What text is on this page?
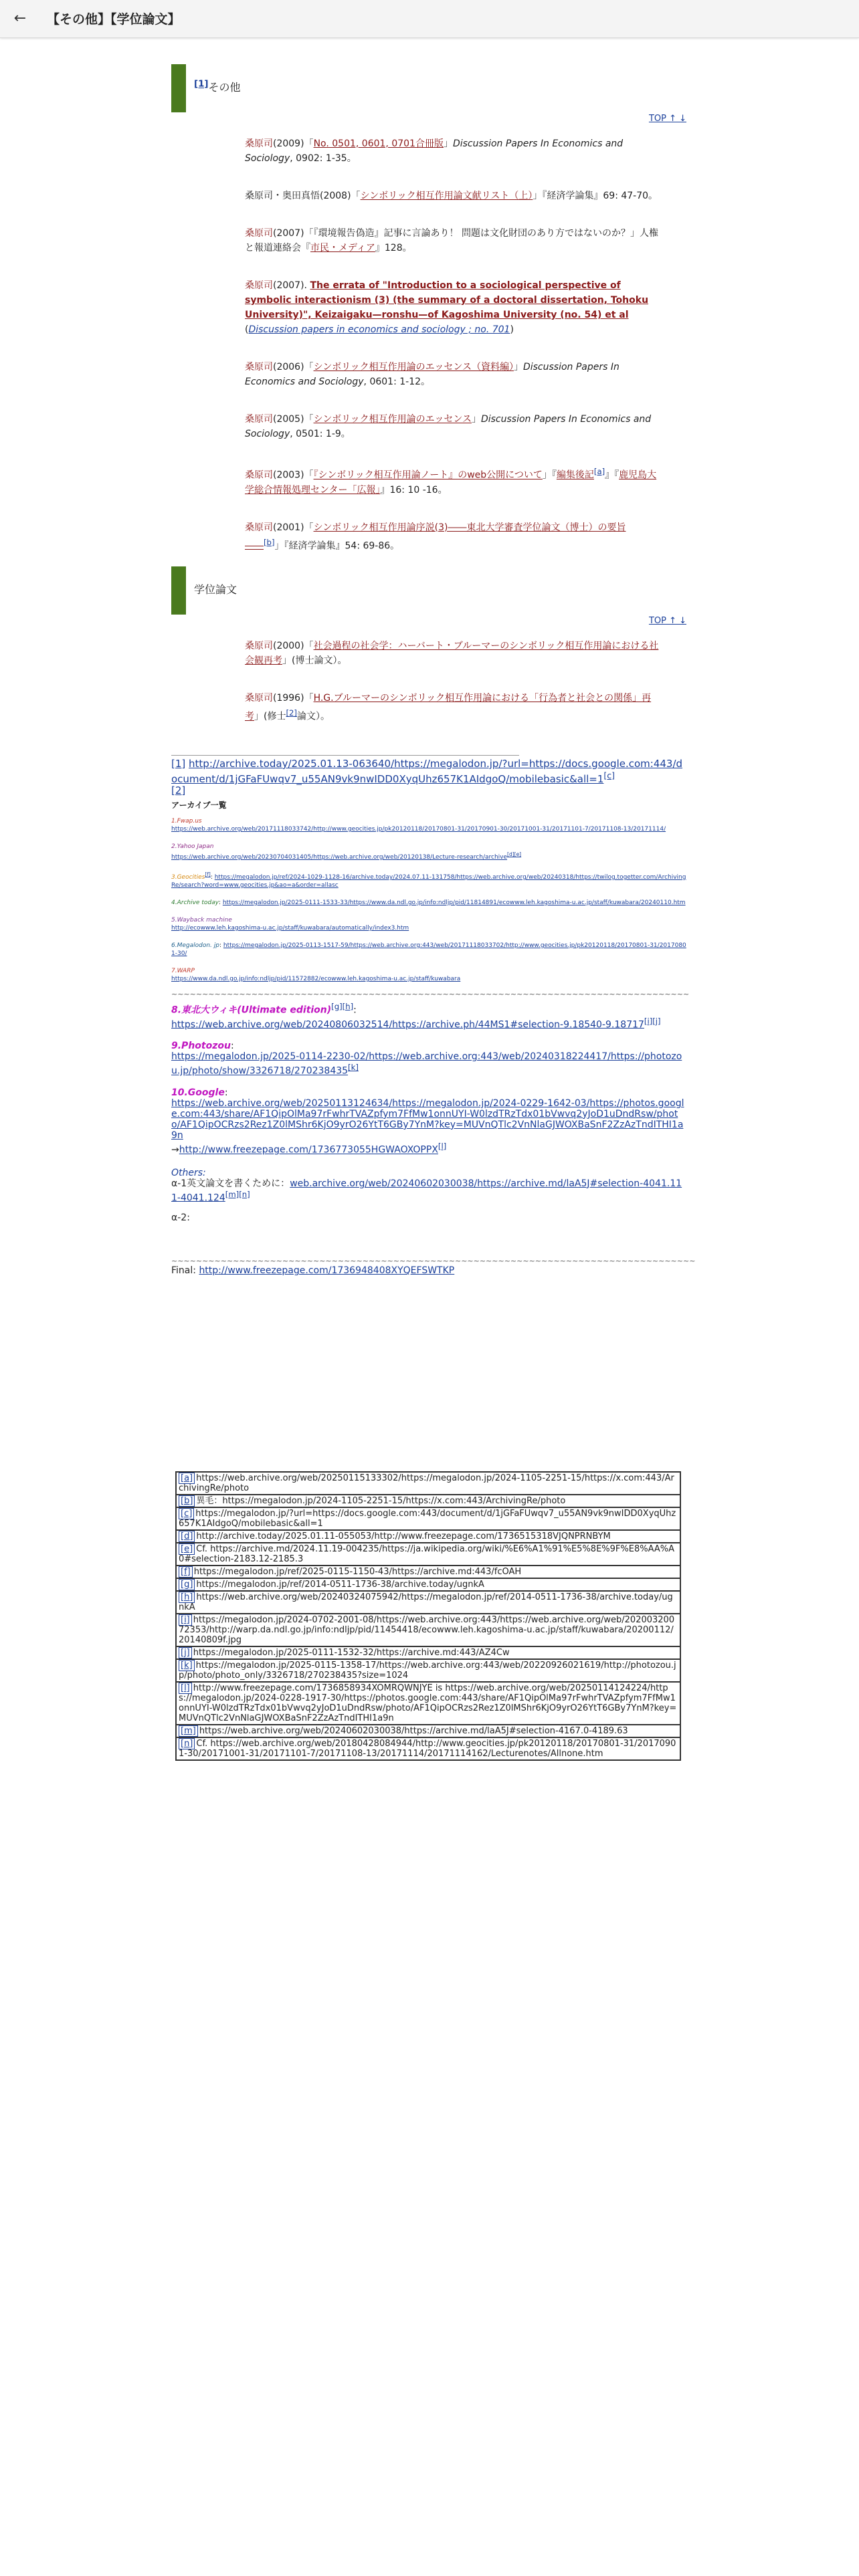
←	【その他】【学位論文】
[1]その他
TOP ↑ ↓
桑原司(2009)「No. 0501, 0601, 0701合冊版」Discussion Papers In Economics and Sociology, 0902: 1-35。
桑原司・奥田真悟(2008)「シンボリック相互作用論文献リスト（上）」『経済学論集』69: 47-70。
桑原司(2007)「『環境報告偽造』記事に言論あり！ 問題は文化財団のあり方ではないのか？」人権と報道連絡会『市民・メディア』128。
桑原司(2007). The errata of "Introduction to a sociological perspective of symbolic interactionism (3) (the summary of a doctoral dissertation, Tohoku University)", Keizaigaku—ronshu—of Kagoshima University (no. 54) et al (Discussion papers in economics and sociology ; no. 701)
桑原司(2006)「シンボリック相互作用論のエッセンス（資料編）」Discussion Papers In Economics and Sociology, 0601: 1-12。
桑原司(2005)「シンボリック相互作用論のエッセンス」Discussion Papers In Economics and Sociology, 0501: 1-9。
桑原司(2003)「『シンボリック相互作用論ノート』のweb公開について」『編集後記[a]』『鹿児島大学総合情報処理センター「広報」』16: 10 -16。
桑原司(2001)「シンボリック相互作用論序説(3)――東北大学審査学位論文（博士）の要旨――[b]」『経済学論集』54: 69-86。
学位論文
TOP ↑ ↓
桑原司(2000)「社会過程の社会学：ハーバート・ブルーマーのシンボリック相互作用論における社会観再考」(博士論文）。
桑原司(1996)「H.G.ブルーマーのシンボリック相互作用論における「行為者と社会との関係」再考」(修士[2]論文）。
[1] http://archive.today/2025.01.13-063640/https://megalodon.jp/?url=https://docs.google.com:443/document/d/1jGFaFUwqv7_u55AN9vk9nwIDD0XyqUhz657K1AIdgoQ/mobilebasic&all=1[c]
[2]
アーカイブ一覧
1.Fwap.us
https://web.archive.org/web/20171118033742/http://www.geocities.jp/pk20120118/20170801-31/20170901-30/20171001-31/20171101-7/20171108-13/20171114/
2.Yahoo Japan
https://web.archive.org/web/20230704031405/https://web.archive.org/web/20120138/Lecture-research/archive[d][e]
3.Geocities[f]: https://megalodon.jp/ref/2024-1029-1128-16/archive.today/2024.07.11-131758/https://web.archive.org/web/20240318/https://twilog.togetter.com/ArchivingRe/search?word=www.geocities.jp&ao=a&order=allasc
4.Archive today: https://megalodon.jp/2025-0111-1533-33/https://www.da.ndl.go.jp/info:ndljp/pid/11814891/ecowww.leh.kagoshima-u.ac.jp/staff/kuwabara/20240110.htm
5.Wayback machine
http://ecowww.leh.kagoshima-u.ac.jp/staff/kuwabara/automatically/index3.htm
6.Megalodon. jp: https://megalodon.jp/2025-0113-1517-59/https://web.archive.org:443/web/20171118033702/http://www.geocities.jp/pk20120118/20170801-31/20170801-30/
7.WARP
https://www.da.ndl.go.jp/info:ndljp/pid/11572882/ecowww.leh.kagoshima-u.ac.jp/staff/kuwabara
~~~~~~~~~~~~~~~~~~~~~~~~~~~~~~~~~~~~~~~~~~~~~~~~~~~~~~~~~~~~~~~~~~~~~~~~~~~~~~~~~~~~
8.東北大ウィキ(Ultimate edition)[g][h]:
https://web.archive.org/web/20240806032514/https://archive.ph/44MS1#selection-9.18540-9.18717[i][j]
9.Photozou:
https://megalodon.jp/2025-0114-2230-02/https://web.archive.org:443/web/20240318224417/https://photozou.jp/photo/show/3326718/270238435[k]
10.Google:
https://web.archive.org/web/20250113124634/https://megalodon.jp/2024-0229-1642-03/https://photos.google.com:443/share/AF1QipOlMa97rFwhrTVAZpfym7FfMw1onnUYI-W0lzdTRzTdx01bVwvq2yJoD1uDndRsw/photo/AF1QipOCRzs2Rez1Z0lMShr6KjO9yrO26YtT6GBy7YnM?key=MUVnQTlc2VnNlaGJWOXBaSnF2ZzAzTndITHI1a9n
→http://www.freezepage.com/1736773055HGWAOXOPPX[l]
Others:
α-1英文論文を書くために：web.archive.org/web/20240602030038/https://archive.md/laA5J#selection-4041.111-4041.124[m][n]
α-2:
~~~~~~~~~~~~~~~~~~~~~~~~~~~~~~~~~~~~~~~~~~~~~~~~~~~~~~~~~~~~~~~~~~~~~~~~~~~~~~~~~~~~~
Final: http://www.freezepage.com/1736948408XYQEFSWTKP
[a] https://web.archive.org/web/20250115133302/https://megalodon.jp/2024-1105-2251-15/https://x.com:443/ArchivingRe/photo
[b] 異毛：https://megalodon.jp/2024-1105-2251-15/https://x.com:443/ArchivingRe/photo
[c] https://megalodon.jp/?url=https://docs.google.com:443/document/d/1jGFaFUwqv7_u55AN9vk9nwIDD0XyqUhz657K1AIdgoQ/mobilebasic&all=1
[d] http://archive.today/2025.01.11-055053/http://www.freezepage.com/1736515318VJQNPRNBYM
[e] Cf. https://archive.md/2024.11.19-004235/https://ja.wikipedia.org/wiki/%E6%A1%91%E5%8E%9F%E8%AA%A0#selection-2183.12-2185.3
[f] https://megalodon.jp/ref/2025-0115-1150-43/https://archive.md:443/fcOAH
[g] https://megalodon.jp/ref/2014-0511-1736-38/archive.today/ugnkA
[h] https://web.archive.org/web/20240324075942/https://megalodon.jp/ref/2014-0511-1736-38/archive.today/ugnkA
[i] https://megalodon.jp/2024-0702-2001-08/https://web.archive.org:443/https://web.archive.org/web/20200320072353/http://warp.da.ndl.go.jp/info:ndljp/pid/11454418/ecowww.leh.kagoshima-u.ac.jp/staff/kuwabara/20200112/20140809f.jpg
[j] https://megalodon.jp/2025-0111-1532-32/https://archive.md:443/AZ4Cw
[k] https://megalodon.jp/2025-0115-1358-17/https://web.archive.org:443/web/20220926021619/http://photozou.jp/photo/photo_only/3326718/270238435?size=1024
[l] http://www.freezepage.com/1736858934XOMRQWNJYE is https://web.archive.org/web/20250114124224/https://megalodon.jp/2024-0228-1917-30/https://photos.google.com:443/share/AF1QipOlMa97rFwhrTVAZpfym7FfMw1onnUYI-W0lzdTRzTdx01bVwvq2yJoD1uDndRsw/photo/AF1QipOCRzs2Rez1Z0lMShr6KjO9yrO26YtT6GBy7YnM?key=MUVnQTlc2VnNlaGJWOXBaSnF2ZzAzTndITHI1a9n
[m] https://web.archive.org/web/20240602030038/https://archive.md/laA5J#selection-4167.0-4189.63
[n] Cf. https://web.archive.org/web/20180428084944/http://www.geocities.jp/pk20120118/20170801-31/20170901-30/20171001-31/20171101-7/20171108-13/20171114/20171114162/Lecturenotes/Allnone.htm
